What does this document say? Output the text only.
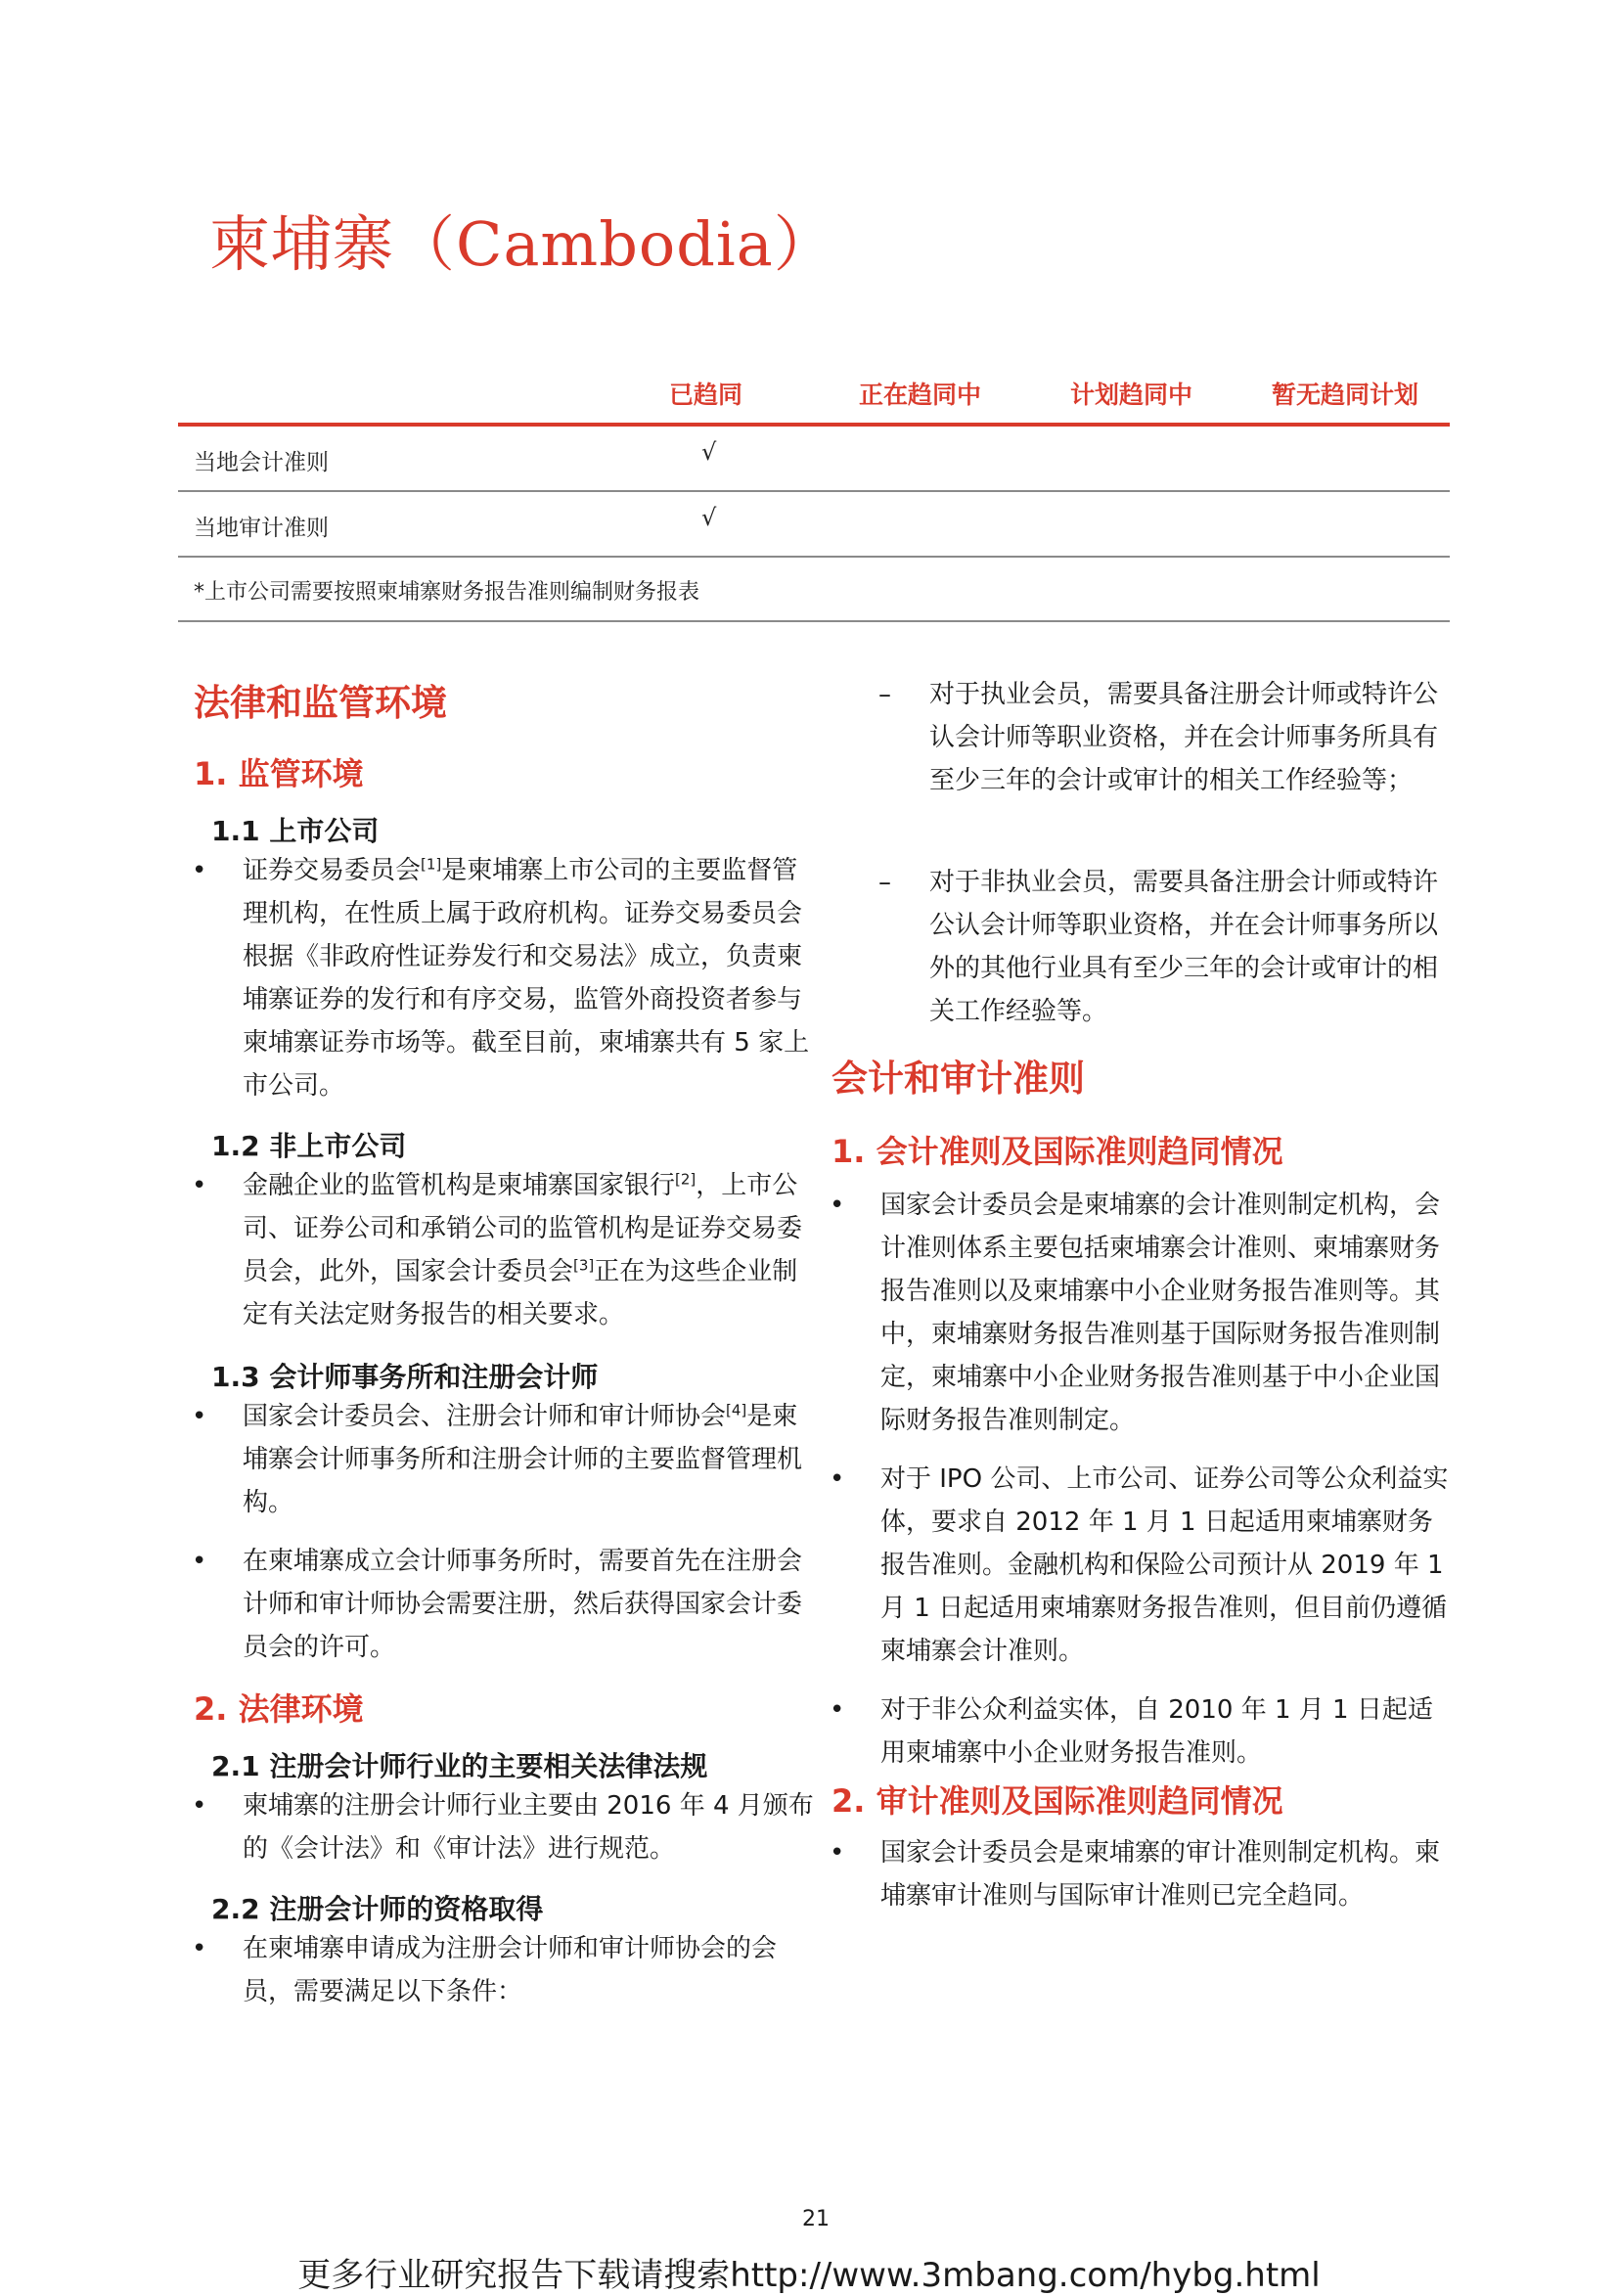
柬埔寨（Cambodia）
已趋同	正在趋同中	计划趋同中	暂无趋同计划
当地会计准则	√
当地审计准则	√
*上市公司需要按照柬埔寨财务报告准则编制财务报表
法律和监管环境
1. 监管环境
1.1 上市公司
• 证券交易委员会[1]是柬埔寨上市公司的主要监督管理机构，在性质上属于政府机构。证券交易委员会根据《非政府性证券发行和交易法》成立，负责柬埔寨证券的发行和有序交易，监管外商投资者参与柬埔寨证券市场等。截至目前，柬埔寨共有 5 家上市公司。
1.2 非上市公司
• 金融企业的监管机构是柬埔寨国家银行[2]，上市公司、证券公司和承销公司的监管机构是证券交易委员会，此外，国家会计委员会[3]正在为这些企业制定有关法定财务报告的相关要求。
1.3 会计师事务所和注册会计师
• 国家会计委员会、注册会计师和审计师协会[4]是柬埔寨会计师事务所和注册会计师的主要监督管理机构。
• 在柬埔寨成立会计师事务所时，需要首先在注册会计师和审计师协会需要注册，然后获得国家会计委员会的许可。
2. 法律环境
2.1 注册会计师行业的主要相关法律法规
• 柬埔寨的注册会计师行业主要由 2016 年 4 月颁布的《会计法》和《审计法》进行规范。
2.2 注册会计师的资格取得
• 在柬埔寨申请成为注册会计师和审计师协会的会员，需要满足以下条件：
– 对于执业会员，需要具备注册会计师或特许公认会计师等职业资格，并在会计师事务所具有至少三年的会计或审计的相关工作经验等；
– 对于非执业会员，需要具备注册会计师或特许公认会计师等职业资格，并在会计师事务所以外的其他行业具有至少三年的会计或审计的相关工作经验等。
会计和审计准则
1. 会计准则及国际准则趋同情况
• 国家会计委员会是柬埔寨的会计准则制定机构，会计准则体系主要包括柬埔寨会计准则、柬埔寨财务报告准则以及柬埔寨中小企业财务报告准则等。其中，柬埔寨财务报告准则基于国际财务报告准则制定，柬埔寨中小企业财务报告准则基于中小企业国际财务报告准则制定。
• 对于 IPO 公司、上市公司、证券公司等公众利益实体，要求自 2012 年 1 月 1 日起适用柬埔寨财务报告准则。金融机构和保险公司预计从 2019 年 1 月 1 日起适用柬埔寨财务报告准则，但目前仍遵循柬埔寨会计准则。
• 对于非公众利益实体，自 2010 年 1 月 1 日起适用柬埔寨中小企业财务报告准则。
2. 审计准则及国际准则趋同情况
• 国家会计委员会是柬埔寨的审计准则制定机构。柬埔寨审计准则与国际审计准则已完全趋同。
21
更多行业研究报告下载请搜索http://www.3mbang.com/hybg.html
